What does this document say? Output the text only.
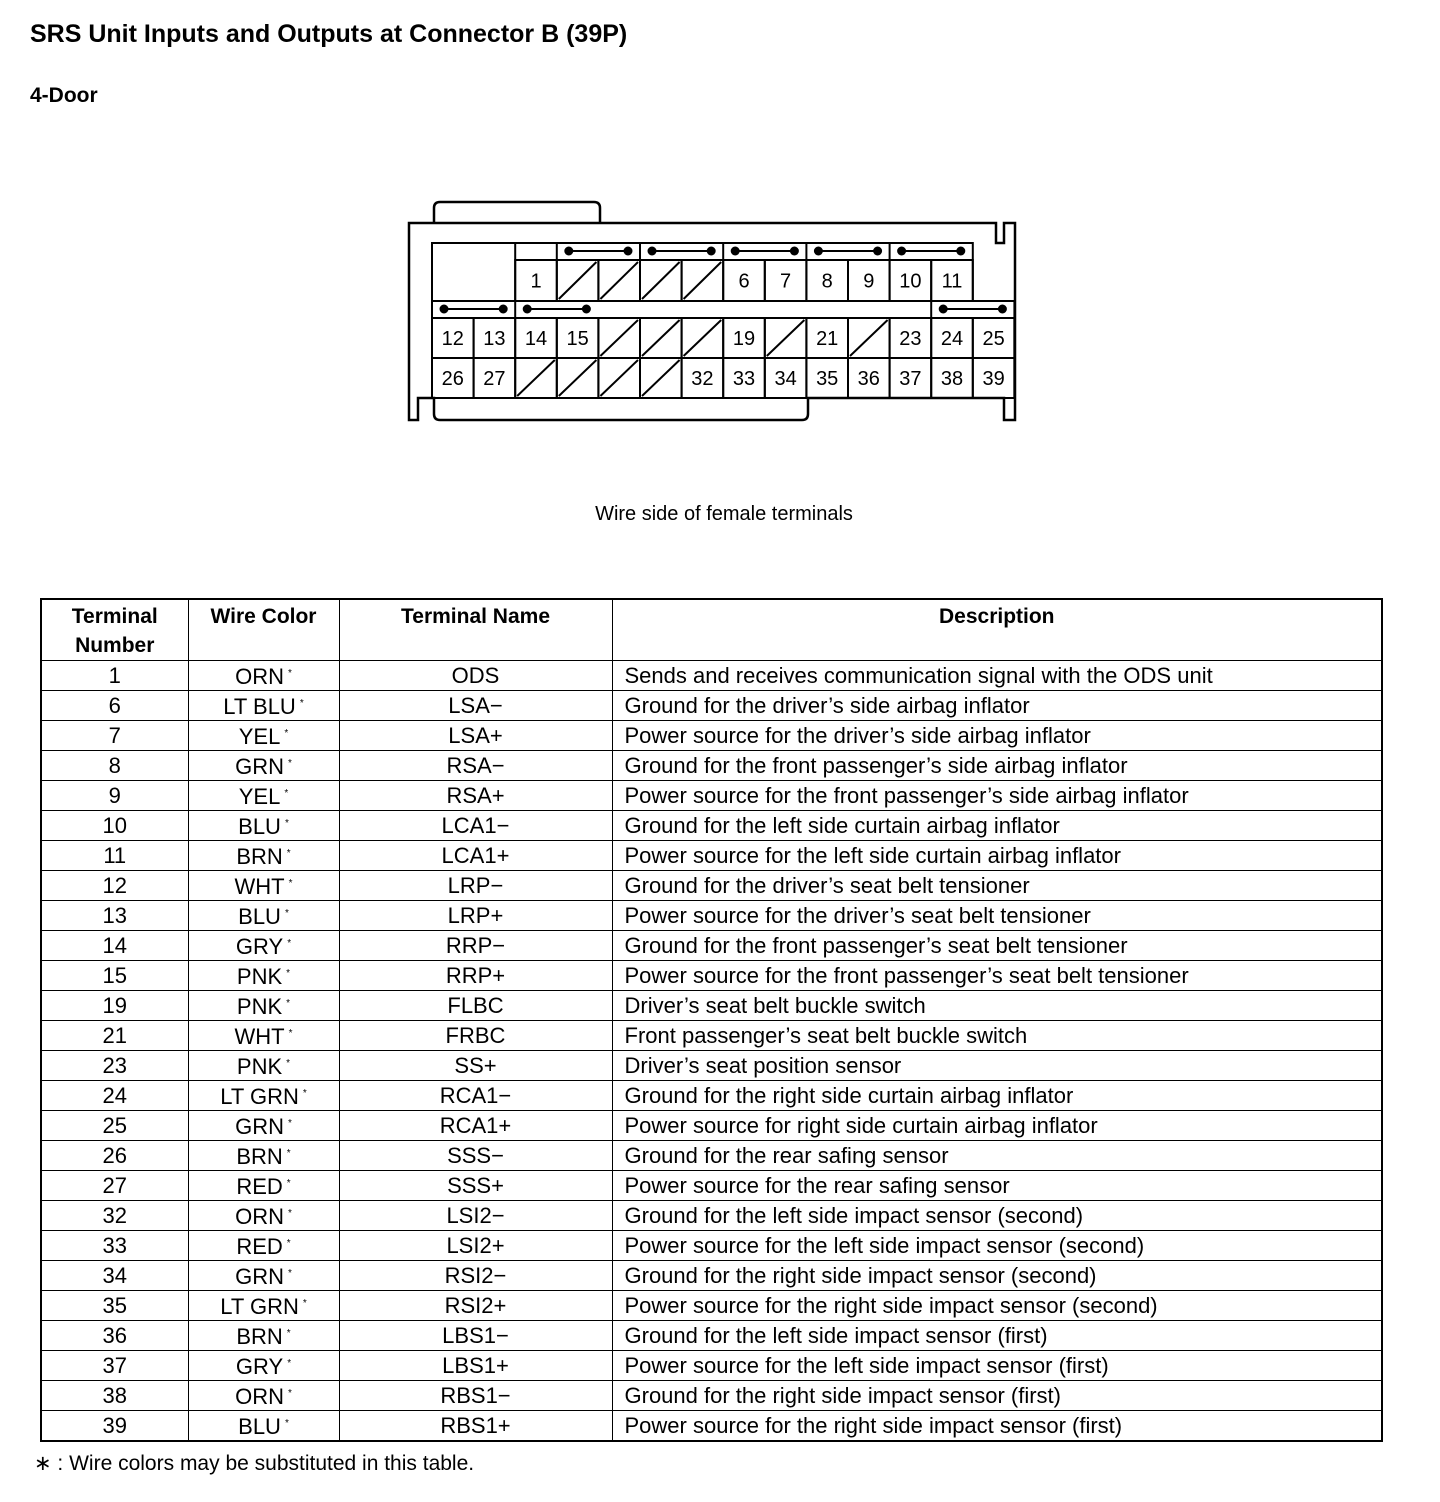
SRS Unit Inputs and Outputs at Connector B (39P)
4-Door
1	6 7 8 9 10 11
12 13 14 15	19	21	23 24 25
26 27	32 33 34 35 36 37 38 39
Wire side of female terminals
Terminal Number	Wire Color	Terminal Name	Description
1	ORN *	ODS	Sends and receives communication signal with the ODS unit
6	LT BLU *	LSA−	Ground for the driver’s side airbag inflator
7	YEL *	LSA+	Power source for the driver’s side airbag inflator
8	GRN *	RSA−	Ground for the front passenger’s side airbag inflator
9	YEL *	RSA+	Power source for the front passenger’s side airbag inflator
10	BLU *	LCA1−	Ground for the left side curtain airbag inflator
11	BRN *	LCA1+	Power source for the left side curtain airbag inflator
12	WHT *	LRP−	Ground for the driver’s seat belt tensioner
13	BLU *	LRP+	Power source for the driver’s seat belt tensioner
14	GRY *	RRP−	Ground for the front passenger’s seat belt tensioner
15	PNK *	RRP+	Power source for the front passenger’s seat belt tensioner
19	PNK *	FLBC	Driver’s seat belt buckle switch
21	WHT *	FRBC	Front passenger’s seat belt buckle switch
23	PNK *	SS+	Driver’s seat position sensor
24	LT GRN *	RCA1−	Ground for the right side curtain airbag inflator
25	GRN *	RCA1+	Power source for right side curtain airbag inflator
26	BRN *	SSS−	Ground for the rear safing sensor
27	RED *	SSS+	Power source for the rear safing sensor
32	ORN *	LSI2−	Ground for the left side impact sensor (second)
33	RED *	LSI2+	Power source for the left side impact sensor (second)
34	GRN *	RSI2−	Ground for the right side impact sensor (second)
35	LT GRN *	RSI2+	Power source for the right side impact sensor (second)
36	BRN *	LBS1−	Ground for the left side impact sensor (first)
37	GRY *	LBS1+	Power source for the left side impact sensor (first)
38	ORN *	RBS1−	Ground for the right side impact sensor (first)
39	BLU *	RBS1+	Power source for the right side impact sensor (first)
∗ : Wire colors may be substituted in this table.
